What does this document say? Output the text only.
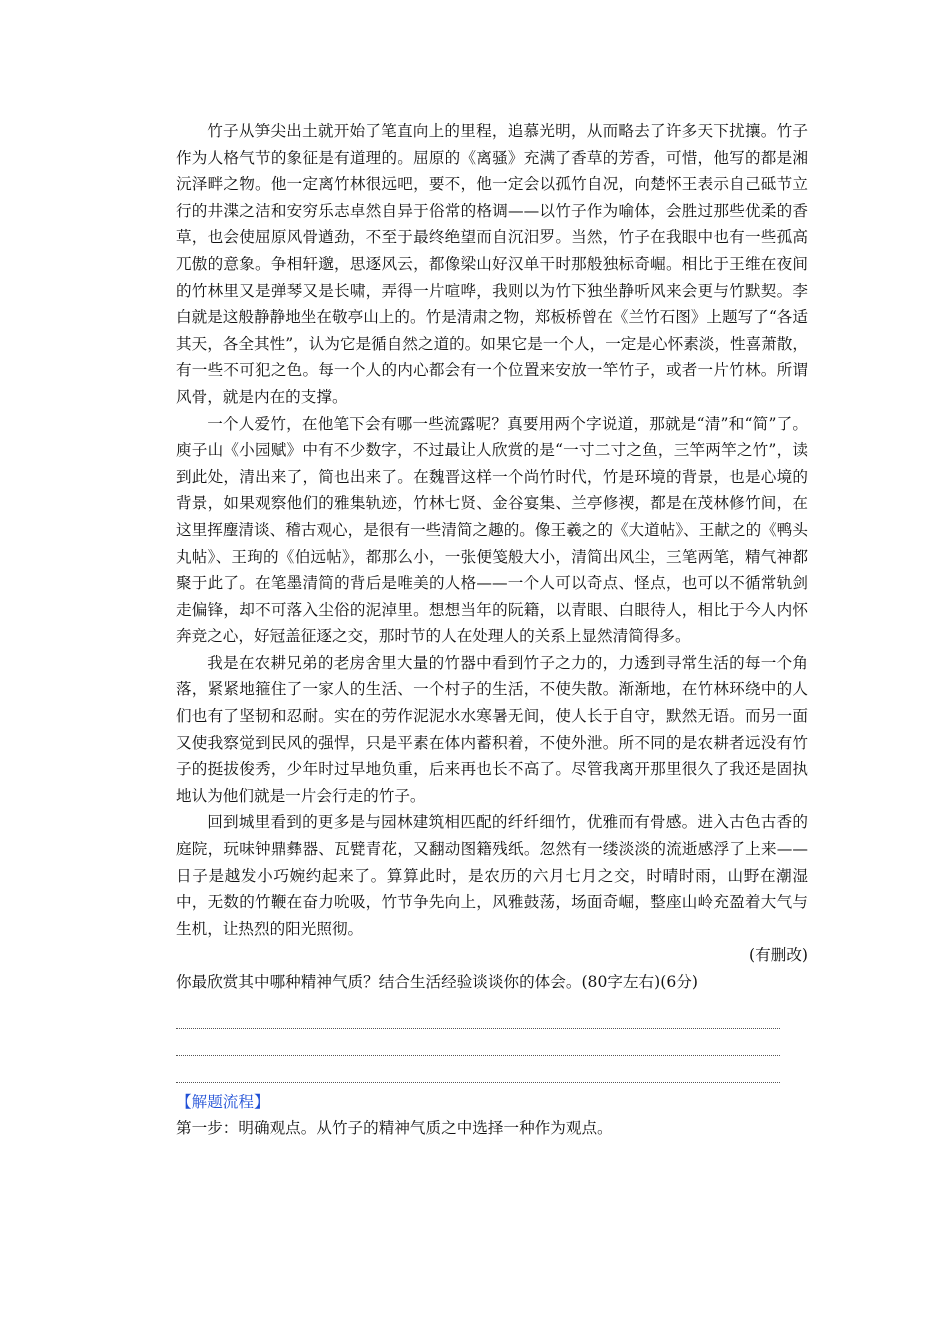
竹子从笋尖出土就开始了笔直向上的里程，追慕光明，从而略去了许多天下扰攘。竹子作为人格气节的象征是有道理的。屈原的《离骚》充满了香草的芳香，可惜，他写的都是湘沅泽畔之物。他一定离竹林很远吧，要不，他一定会以孤竹自况，向楚怀王表示自己砥节立行的井渫之洁和安穷乐志卓然自异于俗常的格调——以竹子作为喻体，会胜过那些优柔的香草，也会使屈原风骨遒劲，不至于最终绝望而自沉汨罗。当然，竹子在我眼中也有一些孤高兀傲的意象。争相轩邈，思逐风云，都像梁山好汉单干时那般独标奇崛。相比于王维在夜间的竹林里又是弹琴又是长啸，弄得一片喧哗，我则以为竹下独坐静听风来会更与竹默契。李白就是这般静静地坐在敬亭山上的。竹是清肃之物，郑板桥曾在《兰竹石图》上题写了“各适其天，各全其性”，认为它是循自然之道的。如果它是一个人，一定是心怀素淡，性喜萧散，有一些不可犯之色。每一个人的内心都会有一个位置来安放一竿竹子，或者一片竹林。所谓风骨，就是内在的支撑。

一个人爱竹，在他笔下会有哪一些流露呢？真要用两个字说道，那就是“清”和“简”了。庾子山《小园赋》中有不少数字，不过最让人欣赏的是“一寸二寸之鱼，三竿两竿之竹”，读到此处，清出来了，简也出来了。在魏晋这样一个尚竹时代，竹是环境的背景，也是心境的背景，如果观察他们的雅集轨迹，竹林七贤、金谷宴集、兰亭修禊，都是在茂林修竹间，在这里挥麈清谈、稽古观心，是很有一些清简之趣的。像王羲之的《大道帖》、王献之的《鸭头丸帖》、王珣的《伯远帖》，都那么小，一张便笺般大小，清简出风尘，三笔两笔，精气神都聚于此了。在笔墨清简的背后是唯美的人格——一个人可以奇点、怪点，也可以不循常轨剑走偏锋，却不可落入尘俗的泥淖里。想想当年的阮籍，以青眼、白眼待人，相比于今人内怀奔竞之心，好冠盖征逐之交，那时节的人在处理人的关系上显然清简得多。

我是在农耕兄弟的老房舍里大量的竹器中看到竹子之力的，力透到寻常生活的每一个角落，紧紧地箍住了一家人的生活、一个村子的生活，不使失散。渐渐地，在竹林环绕中的人们也有了坚韧和忍耐。实在的劳作泥泥水水寒暑无间，使人长于自守，默然无语。而另一面又使我察觉到民风的强悍，只是平素在体内蓄积着，不使外泄。所不同的是农耕者远没有竹子的挺拔俊秀，少年时过早地负重，后来再也长不高了。尽管我离开那里很久了我还是固执地认为他们就是一片会行走的竹子。

回到城里看到的更多是与园林建筑相匹配的纤纤细竹，优雅而有骨感。进入古色古香的庭院，玩味钟鼎彝器、瓦甓青花，又翻动图籍残纸。忽然有一缕淡淡的流逝感浮了上来——日子是越发小巧婉约起来了。算算此时，是农历的六月七月之交，时晴时雨，山野在潮湿中，无数的竹鞭在奋力吮吸，竹节争先向上，风雅鼓荡，场面奇崛，整座山岭充盈着大气与生机，让热烈的阳光照彻。

(有删改)

你最欣赏其中哪种精神气质？结合生活经验谈谈你的体会。(80字左右)(6分)

【解题流程】

第一步：明确观点。从竹子的精神气质之中选择一种作为观点。
